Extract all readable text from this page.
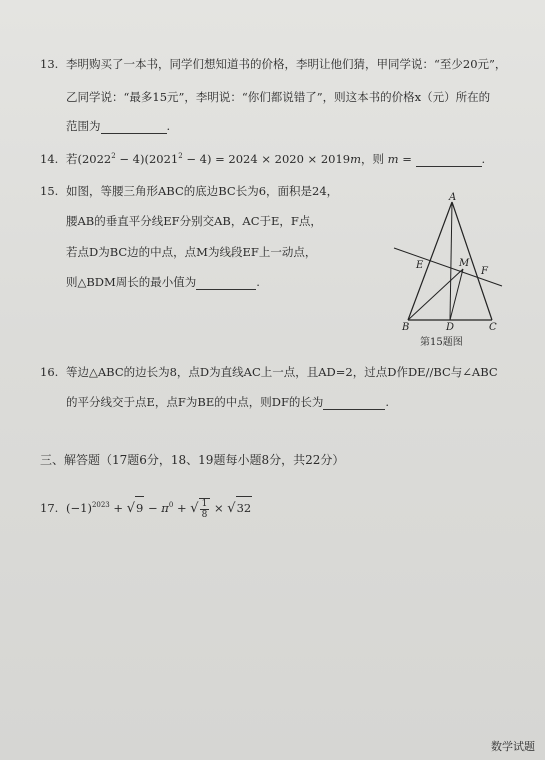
13. 李明购买了一本书，同学们想知道书的价格，李明让他们猜，甲同学说：“至少20元”，
乙同学说：“最多15元”，李明说：“你们都说错了”，则这本书的价格x（元）所在的
范围为	.
14. 若$(2022^2 - 4)(2021^2 - 4) = 2024 \times 2020 \times 2019m$，则 m =	.
15. 如图，等腰三角形ABC的底边BC长为6，面积是24，
腰AB的垂直平分线EF分别交AB，AC于E，F点，
若点D为BC边的中点，点M为线段EF上一动点，
则△BDM周长的最小值为	.
A
E	M
F
B	D	C
第15题图
16. 等边△ABC的边长为8，点D为直线AC上一点，且AD=2，过点D作DE//BC与∠ABC
的平分线交于点E，点F为BE的中点，则DF的长为	.
三、解答题（17题6分，18、19题每小题8分，共22分）
17. $(-1)^{2023} + √9 - \pi^0$ + √ $\frac{1}{8} \times √32$
数学试题
